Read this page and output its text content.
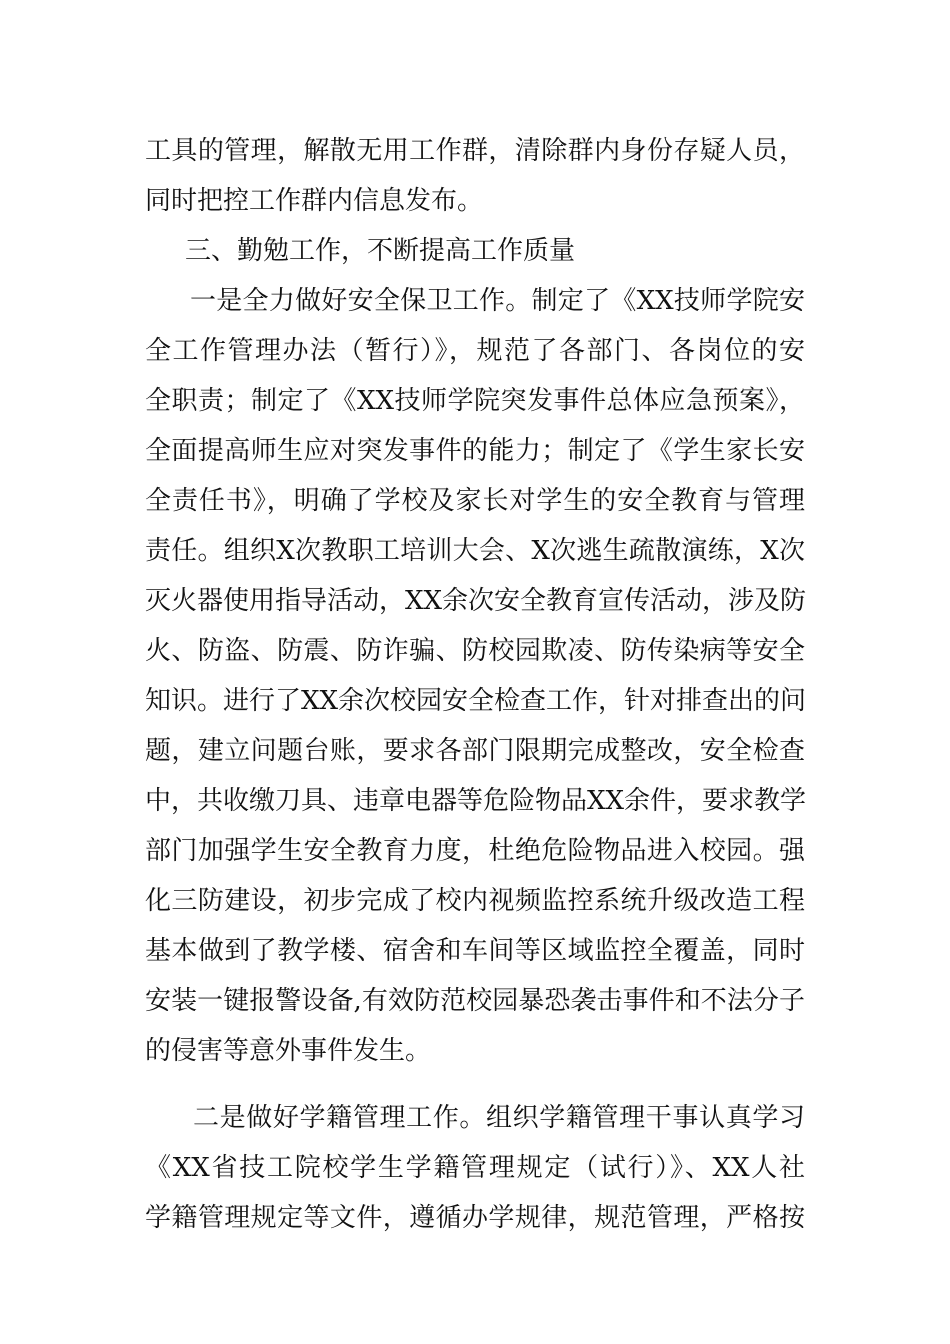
工具的管理，解散无用工作群，清除群内身份存疑人员，
同时把控工作群内信息发布。
三、勤勉工作，不断提高工作质量
一是全力做好安全保卫工作。制定了《XX技师学院安
全工作管理办法（暂行）》，规范了各部门、各岗位的安
全职责；制定了《XX技师学院突发事件总体应急预案》，
全面提高师生应对突发事件的能力；制定了《学生家长安
全责任书》，明确了学校及家长对学生的安全教育与管理
责任。组织X次教职工培训大会、X次逃生疏散演练，X次
灭火器使用指导活动，XX余次安全教育宣传活动，涉及防
火、防盗、防震、防诈骗、防校园欺凌、防传染病等安全
知识。进行了XX余次校园安全检查工作，针对排查出的问
题，建立问题台账，要求各部门限期完成整改，安全检查
中，共收缴刀具、违章电器等危险物品XX余件，要求教学
部门加强学生安全教育力度，杜绝危险物品进入校园。强
化三防建设，初步完成了校内视频监控系统升级改造工程
基本做到了教学楼、宿舍和车间等区域监控全覆盖，同时
安装一键报警设备,有效防范校园暴恐袭击事件和不法分子
的侵害等意外事件发生。
二是做好学籍管理工作。组织学籍管理干事认真学习
《XX省技工院校学生学籍管理规定（试行）》、XX人社
学籍管理规定等文件，遵循办学规律，规范管理，严格按
